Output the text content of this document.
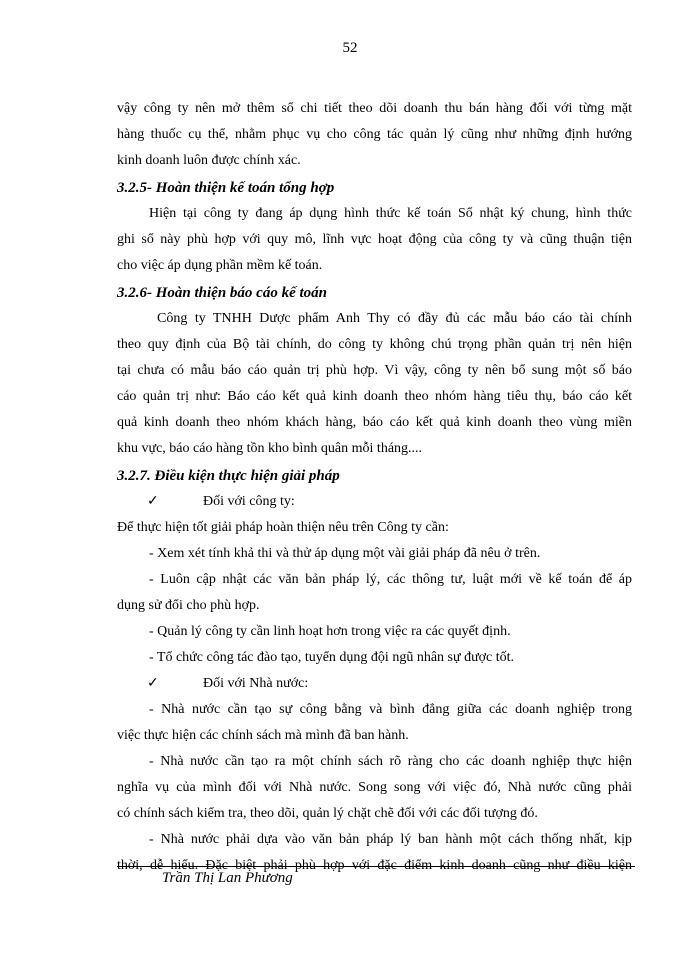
52
vậy công ty nên mở thêm sổ chi tiết theo dõi doanh thu bán hàng đối với từng mặt
hàng thuốc cụ thể, nhằm phục vụ cho công tác quản lý cũng như những định hướng
kinh doanh luôn được chính xác.
3.2.5- Hoàn thiện kế toán tổng hợp
Hiện tại công ty đang áp dụng hình thức kế toán Sổ nhật ký chung, hình thức
ghi sổ này phù hợp với quy mô, lĩnh vực hoạt động của công ty và cũng thuận tiện
cho việc áp dụng phần mềm kế toán.
3.2.6- Hoàn thiện báo cáo kế toán
Công ty TNHH Dược phẩm Anh Thy có đầy đủ các mẫu báo cáo tài chính
theo quy định của Bộ tài chính, do công ty không chú trọng phần quản trị nên hiện
tại chưa có mẫu báo cáo quản trị phù hợp. Vì vậy, công ty nên bổ sung một số báo
cáo quản trị như: Báo cáo kết quả kinh doanh theo nhóm hàng tiêu thụ, báo cáo kết
quả kinh doanh theo nhóm khách hàng, báo cáo kết quả kinh doanh theo vùng miền
khu vực, báo cáo hàng tồn kho bình quân mỗi tháng....
3.2.7. Điều kiện thực hiện giải pháp
✓	Đối với công ty:
Để thực hiện tốt giải pháp hoàn thiện nêu trên Công ty cần:
- Xem xét tính khả thi và thử áp dụng một vài giải pháp đã nêu ở trên.
- Luôn cập nhật các văn bản pháp lý, các thông tư, luật mới về kế toán để áp
dụng sử đổi cho phù hợp.
- Quản lý công ty cần linh hoạt hơn trong việc ra các quyết định.
- Tổ chức công tác đào tạo, tuyển dụng đội ngũ nhân sự được tốt.
✓	Đối với Nhà nước:
- Nhà nước cần tạo sự công bằng và bình đẳng giữa các doanh nghiệp trong
việc thực hiện các chính sách mà mình đã ban hành.
- Nhà nước cần tạo ra một chính sách rõ ràng cho các doanh nghiệp thực hiện
nghĩa vụ của mình đối với Nhà nước. Song song với việc đó, Nhà nước cũng phải
có chính sách kiểm tra, theo dõi, quản lý chặt chẽ đối với các đối tượng đó.
- Nhà nước phải dựa vào văn bản pháp lý ban hành một cách thống nhất, kịp
thời, dễ hiểu. Đặc biệt phải phù hợp với đặc điểm kinh doanh cũng như điều kiện
Trần Thị Lan Phương
